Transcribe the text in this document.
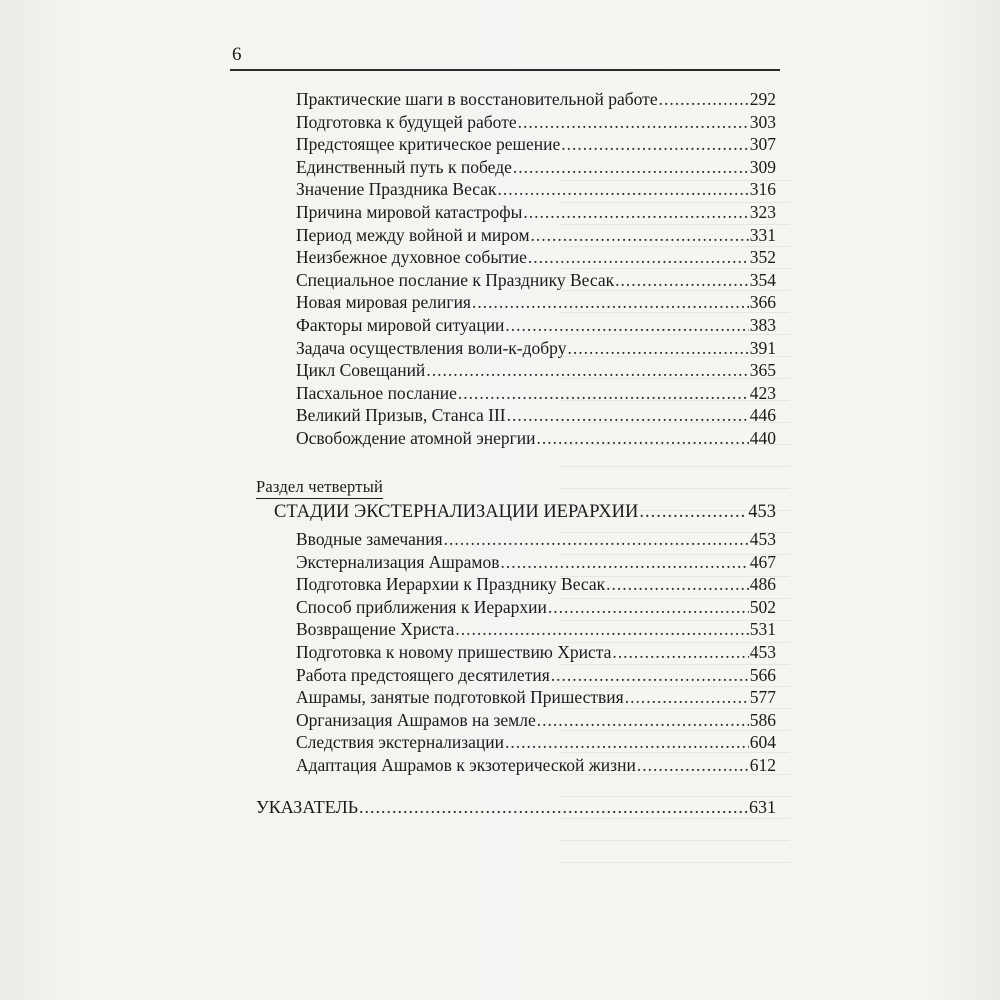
6
Раздел четвертый
Практические шаги в восстановительной работе .....	292
Подготовка к будущей работе .....	303
Предстоящее критическое решение .....	307
Единственный путь к победе .....	309
Значение Праздника Весак .....	316
Причина мировой катастрофы .....	323
Период между войной и миром .....	331
Неизбежное духовное событие .....	352
Специальное послание к Празднику Весак .....	354
Новая мировая религия .....	366
Факторы мировой ситуации .....	383
Задача осуществления воли-к-добру .....	391
Цикл Совещаний .....	365
Пасхальное послание .....	423
Великий Призыв, Станса III .....	446
Освобождение атомной энергии .....	440
СТАДИИ ЭКСТЕРНАЛИЗАЦИИ ИЕРАРХИИ .....	453
Вводные замечания .....	453
Экстернализация Ашрамов .....	467
Подготовка Иерархии к Празднику Весак .....	486
Способ приближения к Иерархии .....	502
Возвращение Христа .....	531
Подготовка к новому пришествию Христа .....	453
Работа предстоящего десятилетия .....	566
Ашрамы, занятые подготовкой Пришествия .....	577
Организация Ашрамов на земле .....	586
Следствия экстернализации .....	604
Адаптация Ашрамов к экзотерической жизни .....	612
УКАЗАТЕЛЬ .....	631
